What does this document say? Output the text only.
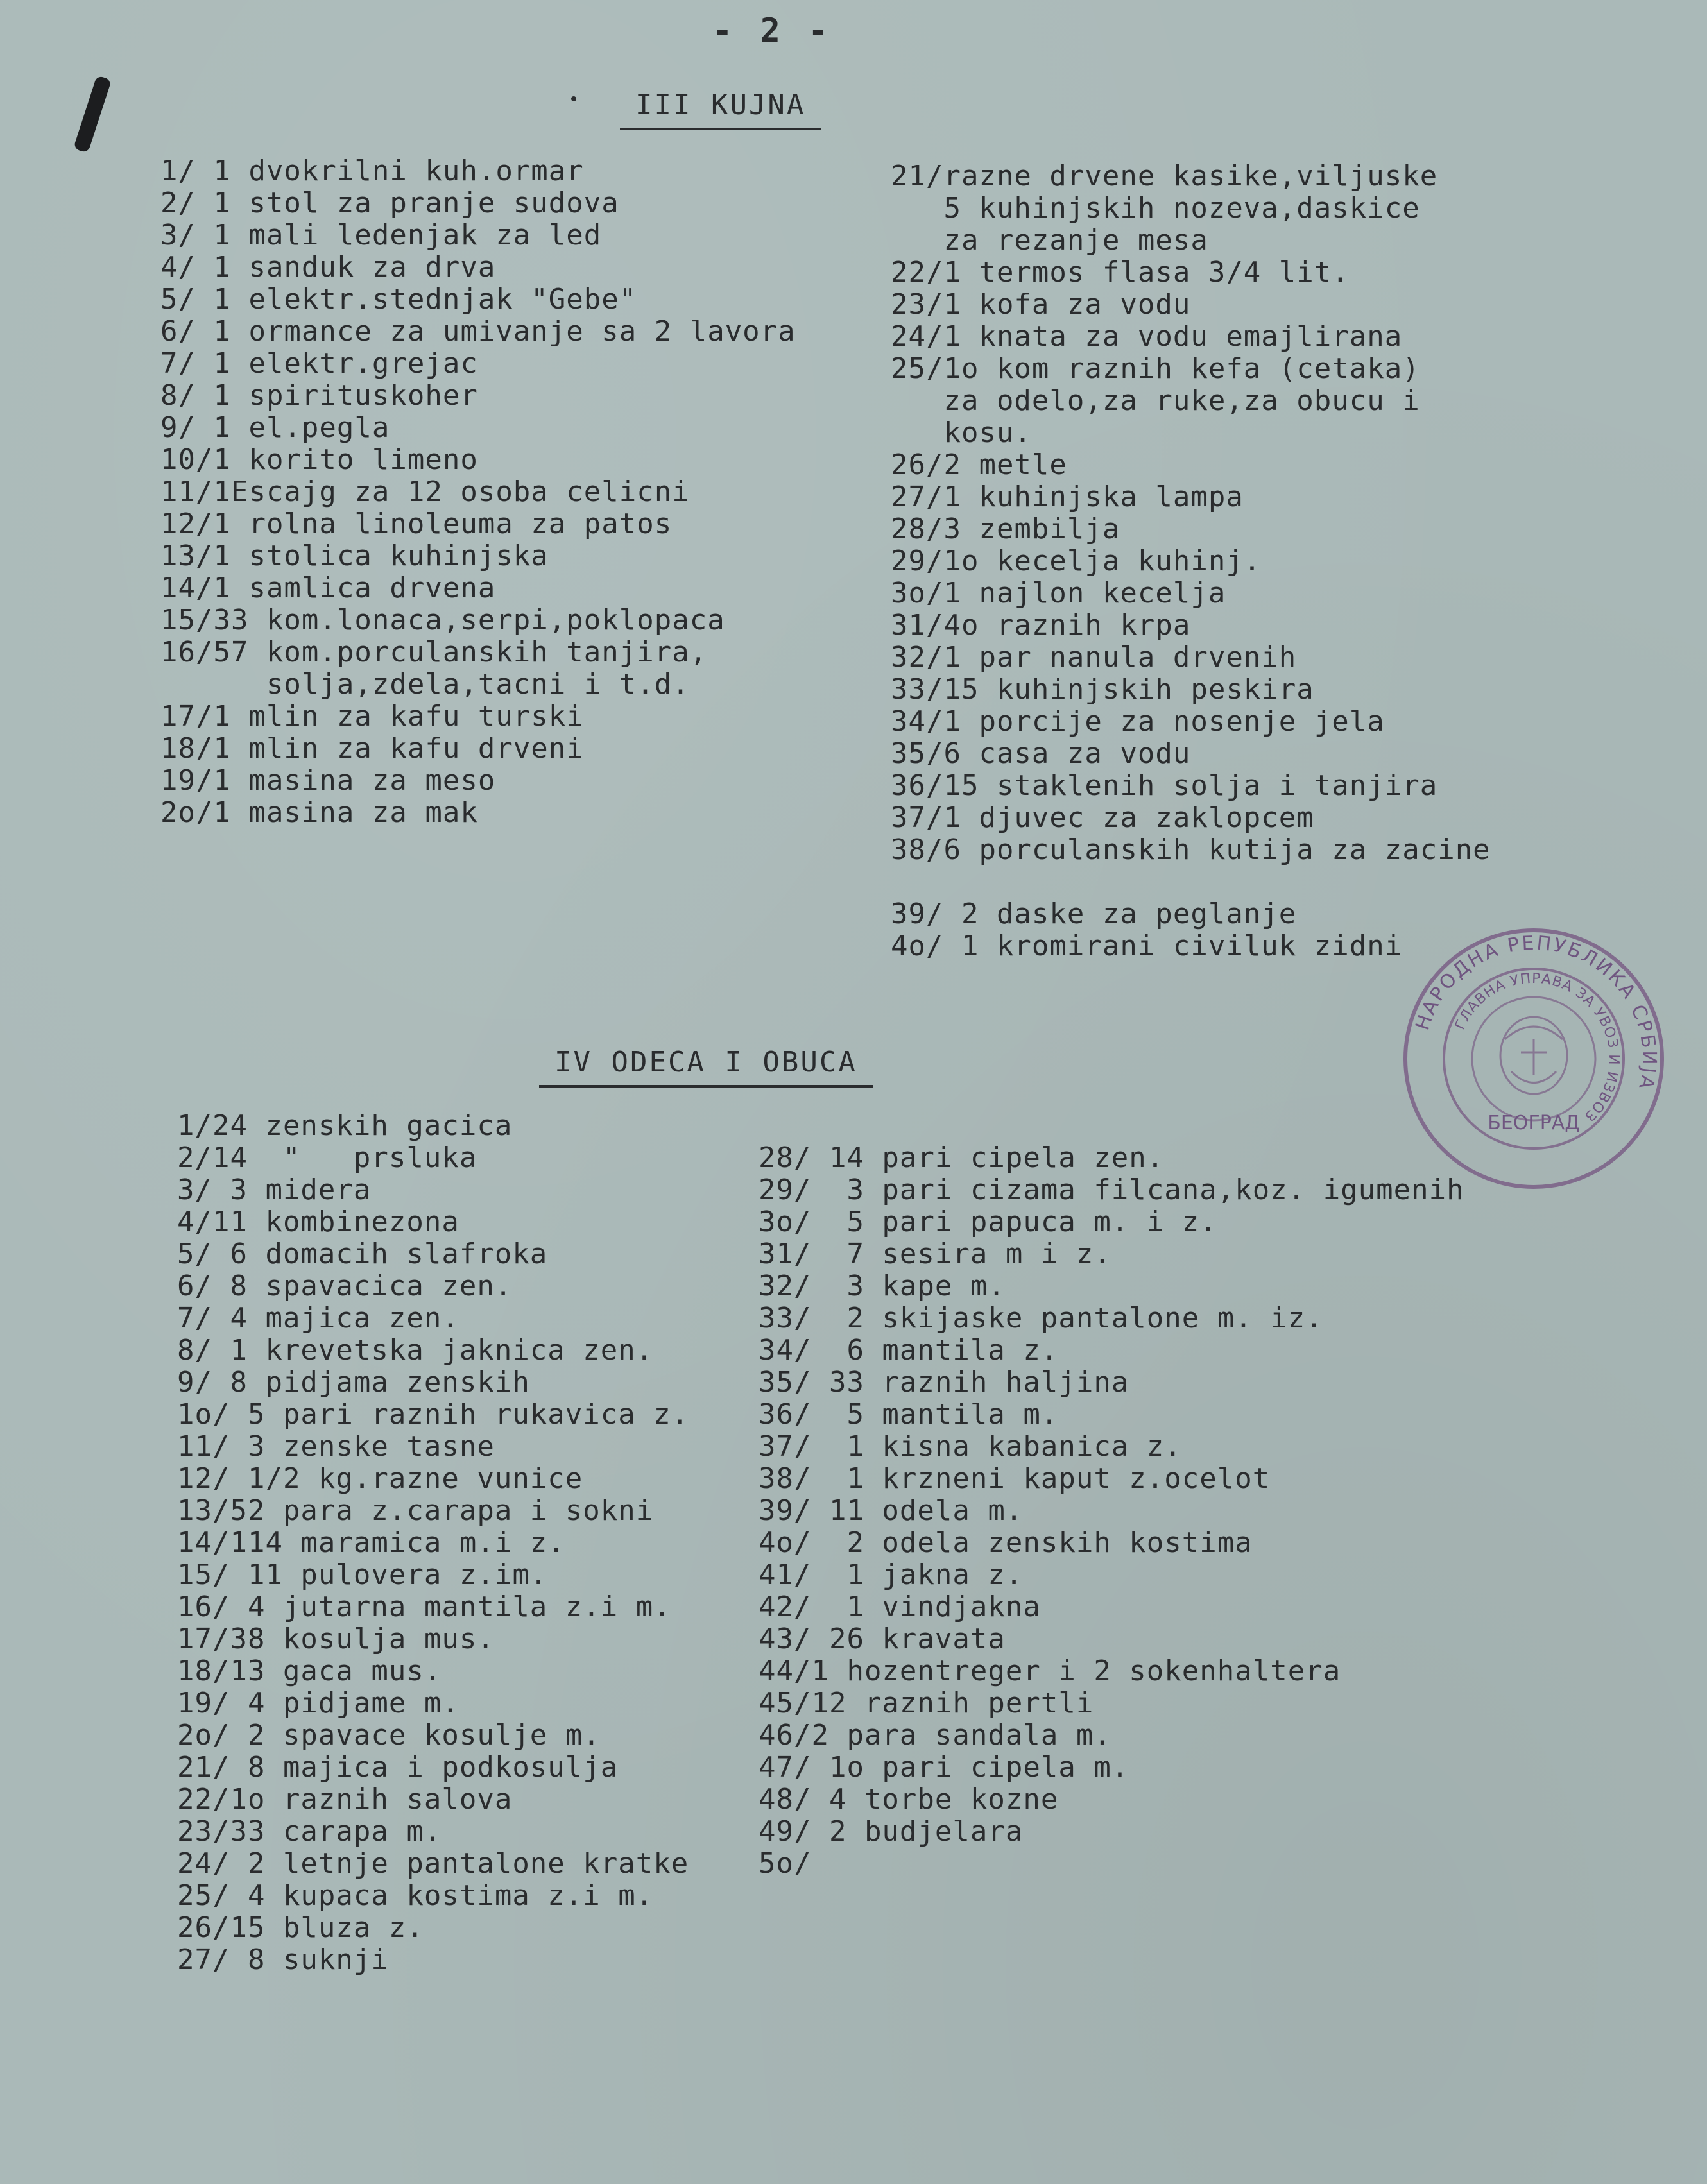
- 2 -
III KUJNA
1/ 1 dvokrilni kuh.ormar
2/ 1 stol za pranje sudova
3/ 1 mali ledenjak za led
4/ 1 sanduk za drva
5/ 1 elektr.stednjak "Gebe"
6/ 1 ormance za umivanje sa 2 lavora
7/ 1 elektr.grejac
8/ 1 spirituskoher
9/ 1 el.pegla
10/1 korito limeno
11/1Escajg za 12 osoba celicni
12/1 rolna linoleuma za patos
13/1 stolica kuhinjska
14/1 samlica drvena
15/33 kom.lonaca,serpi,poklopaca
16/57 kom.porculanskih tanjira,
solja,zdela,tacni i t.d.
17/1 mlin za kafu turski
18/1 mlin za kafu drveni
19/1 masina za meso
2o/1 masina za mak
21/razne drvene kasike,viljuske
5 kuhinjskih nozeva,daskice
za rezanje mesa
22/1 termos flasa 3/4 lit.
23/1 kofa za vodu
24/1 knata za vodu emajlirana
25/1o kom raznih kefa (cetaka)
za odelo,za ruke,za obucu i
kosu.
26/2 metle
27/1 kuhinjska lampa
28/3 zembilja
29/1o kecelja kuhinj.
3o/1 najlon kecelja
31/4o raznih krpa
32/1 par nanula drvenih
33/15 kuhinjskih peskira
34/1 porcije za nosenje jela
35/6 casa za vodu
36/15 staklenih solja i tanjira
37/1 djuvec za zaklopcem
38/6 porculanskih kutija za zacine
39/ 2 daske za peglanje
4o/ 1 kromirani civiluk zidni
IV ODECA I OBUCA
1/24 zenskih gacica
2/14  "   prsluka
3/ 3 midera
4/11 kombinezona
5/ 6 domacih slafroka
6/ 8 spavacica zen.
7/ 4 majica zen.
8/ 1 krevetska jaknica zen.
9/ 8 pidjama zenskih
1o/ 5 pari raznih rukavica z.
11/ 3 zenske tasne
12/ 1/2 kg.razne vunice
13/52 para z.carapa i sokni
14/114 maramica m.i z.
15/ 11 pulovera z.im.
16/ 4 jutarna mantila z.i m.
17/38 kosulja mus.
18/13 gaca mus.
19/ 4 pidjame m.
2o/ 2 spavace kosulje m.
21/ 8 majica i podkosulja
22/1o raznih salova
23/33 carapa m.
24/ 2 letnje pantalone kratke
25/ 4 kupaca kostima z.i m.
26/15 bluza z.
27/ 8 suknji
28/ 14 pari cipela zen.
29/  3 pari cizama filcana,koz. igumenih
3o/  5 pari papuca m. i z.
31/  7 sesira m i z.
32/  3 kape m.
33/  2 skijaske pantalone m. iz.
34/  6 mantila z.
35/ 33 raznih haljina
36/  5 mantila m.
37/  1 kisna kabanica z.
38/  1 krzneni kaput z.ocelot
39/ 11 odela m.
4o/  2 odela zenskih kostima
41/  1 jakna z.
42/  1 vindjakna
43/ 26 kravata
44/1 hozentreger i 2 sokenhaltera
45/12 raznih pertli
46/2 para sandala m.
47/ 1o pari cipela m.
48/ 4 torbe kozne
49/ 2 budjelara
5o/
НАРОДНА РЕПУБЛИКА СРБИЈА
ГЛАВНА УПРАВА ЗА УВОЗ И ИЗВОЗ
БЕОГРАД
